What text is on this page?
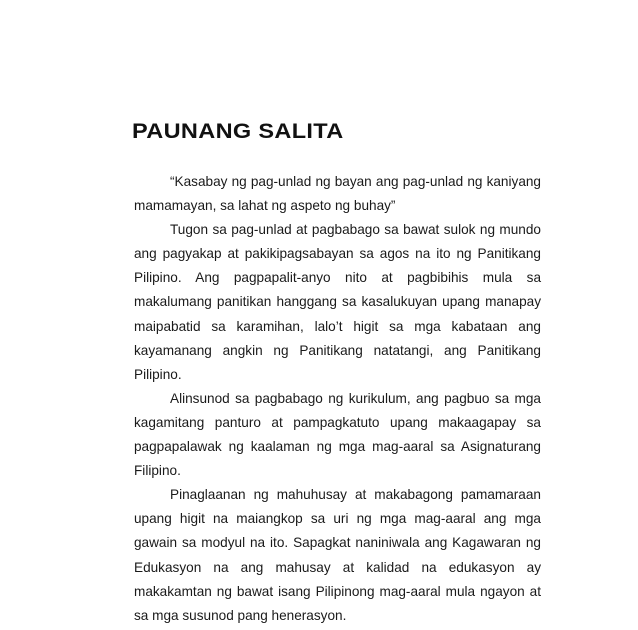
PAUNANG SALITA

“Kasabay ng pag-unlad ng bayan ang pag-unlad ng kaniyang mamamayan, sa lahat ng aspeto ng buhay”

Tugon sa pag-unlad at pagbabago sa bawat sulok ng mundo ang pagyakap at pakikipagsabayan sa agos na ito ng Panitikang Pilipino. Ang pagpapalit-anyo nito at pagbibihis mula sa makalumang panitikan hanggang sa kasalukuyan upang manapay maipabatid sa karamihan, lalo’t higit sa mga kabataan ang kayamanang angkin ng Panitikang natatangi, ang Panitikang Pilipino.

Alinsunod sa pagbabago ng kurikulum, ang pagbuo sa mga kagamitang panturo at pampagkatuto upang makaagapay sa pagpapalawak ng kaalaman ng mga mag-aaral sa Asignaturang Filipino.

Pinaglaanan ng mahuhusay at makabagong pamamaraan upang higit na maiangkop sa uri ng mga mag-aaral ang mga gawain sa modyul na ito. Sapagkat naniniwala ang Kagawaran ng Edukasyon na ang mahusay at kalidad na edukasyon ay makakamtan ng bawat isang Pilipinong mag-aaral mula ngayon at sa mga susunod pang henerasyon.
